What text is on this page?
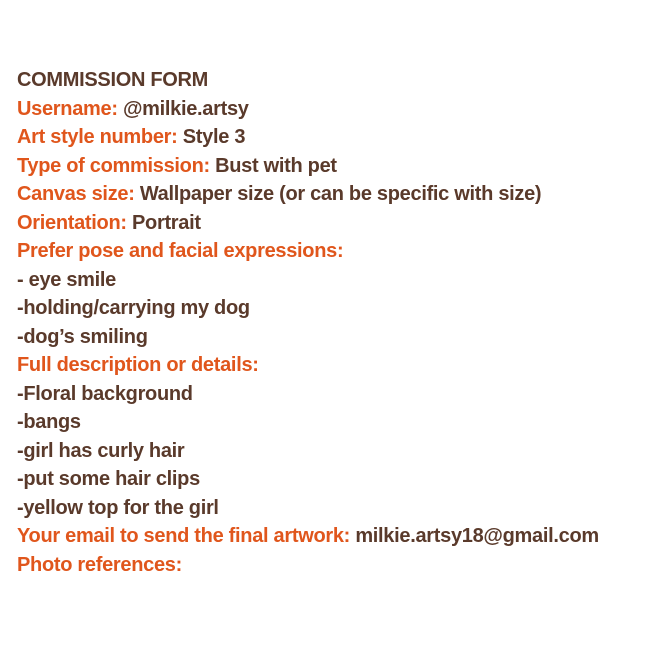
COMMISSION FORM
Username: @milkie.artsy
Art style number: Style 3
Type of commission: Bust with pet
Canvas size: Wallpaper size (or can be specific with size)
Orientation: Portrait
Prefer pose and facial expressions:
- eye smile
-holding/carrying my dog
-dog’s smiling
Full description or details:
-Floral background
-bangs
-girl has curly hair
-put some hair clips
-yellow top for the girl
Your email to send the final artwork: milkie.artsy18@gmail.com
Photo references:
